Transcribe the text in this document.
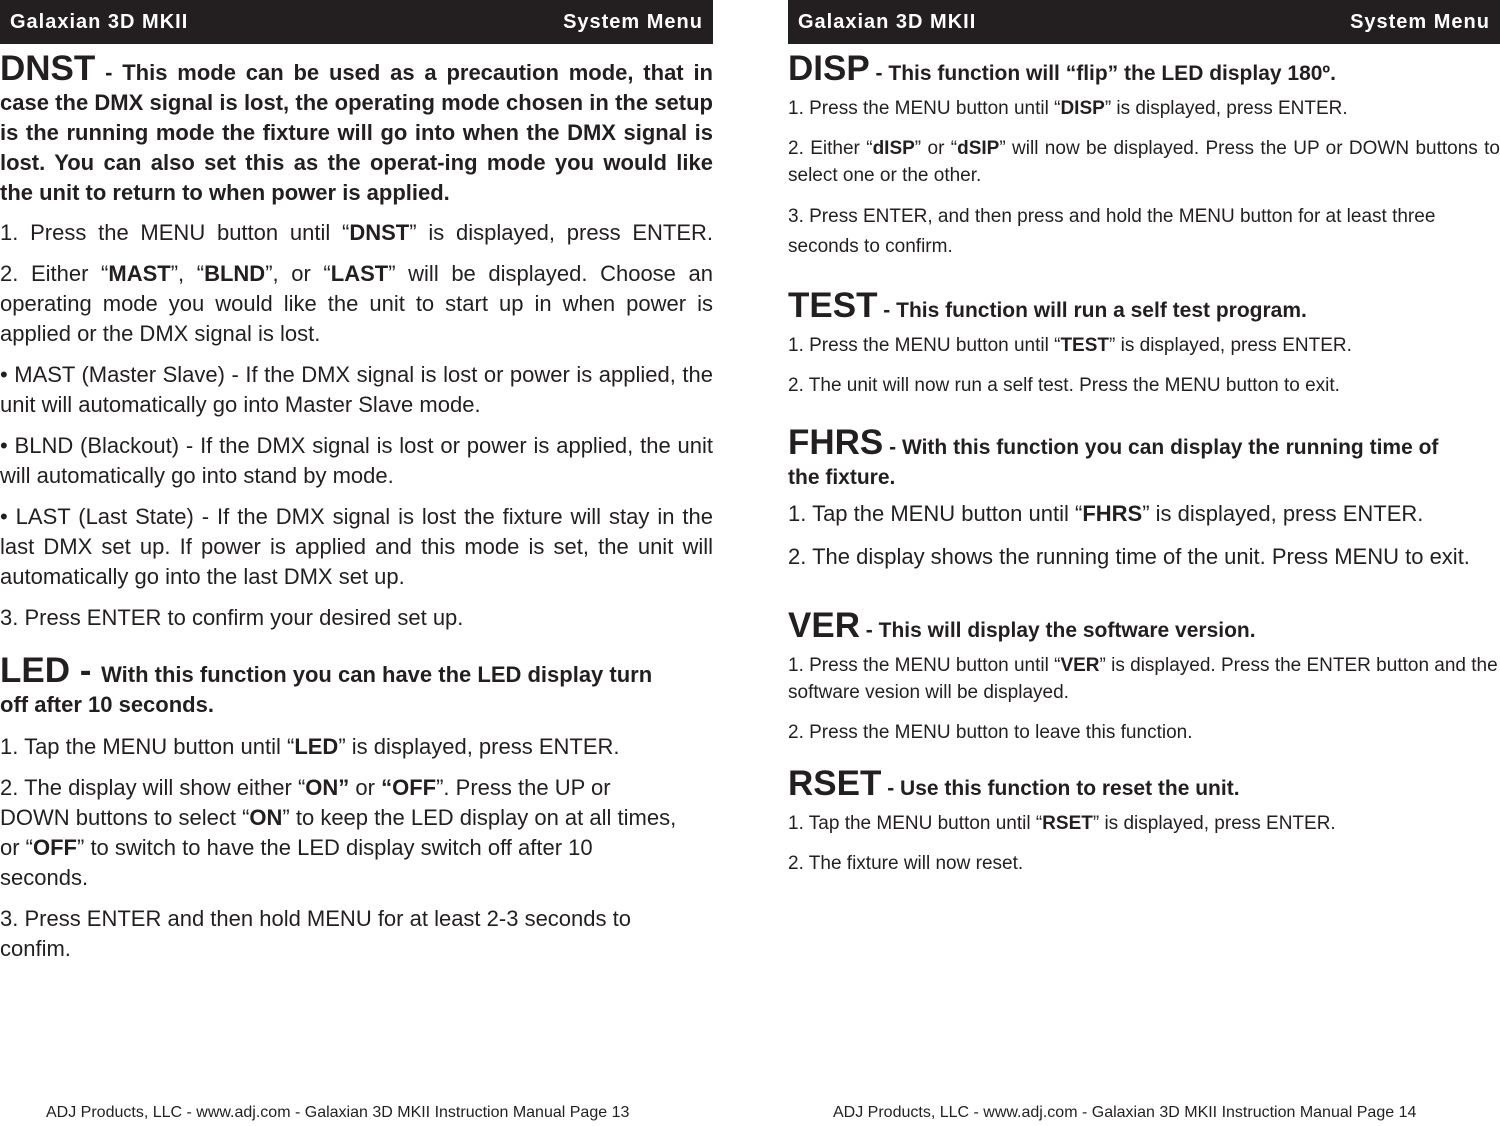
Galaxian 3D MKII	System Menu
DNST - This mode can be used as a precaution mode, that in case the DMX signal is lost, the operating mode chosen in the setup is the running mode the fixture will go into when the DMX signal is lost. You can also set this as the operat-ing mode you would like the unit to return to when power is applied.
1. Press the MENU button until “DNST” is displayed, press ENTER.
2. Either “MAST”, “BLND”, or “LAST” will be displayed. Choose an operating mode you would like the unit to start up in when power is applied or the DMX signal is lost.
• MAST (Master Slave) - If the DMX signal is lost or power is applied, the unit will automatically go into Master Slave mode.
• BLND (Blackout) - If the DMX signal is lost or power is applied, the unit will automatically go into stand by mode.
• LAST (Last State) - If the DMX signal is lost the fixture will stay in the last DMX set up. If power is applied and this mode is set, the unit will automatically go into the last DMX set up.
3. Press ENTER to confirm your desired set up.
LED - With this function you can have the LED display turn off after 10 seconds.
1. Tap the MENU button until “LED” is displayed, press ENTER.
2. The display will show either “ON” or “OFF”. Press the UP or DOWN buttons to select “ON” to keep the LED display on at all times, or “OFF” to switch to have the LED display switch off after 10 seconds.
3. Press ENTER and then hold MENU for at least 2-3 seconds to confim.
ADJ Products, LLC - www.adj.com - Galaxian 3D MKII Instruction Manual Page 13
Galaxian 3D MKII	System Menu
DISP - This function will “flip” the LED display 180º.
1. Press the MENU button until “DISP” is displayed, press ENTER.
2. Either “dISP” or “dSIP” will now be displayed. Press the UP or DOWN buttons to select one or the other.
3. Press ENTER, and then press and hold the MENU button for at least three seconds to confirm.
TEST - This function will run a self test program.
1. Press the MENU button until “TEST” is displayed, press ENTER.
2. The unit will now run a self test. Press the MENU button to exit.
FHRS - With this function you can display the running time of the fixture.
1. Tap the MENU button until “FHRS” is displayed, press ENTER.
2. The display shows the running time of the unit. Press MENU to exit.
VER - This will display the software version.
1. Press the MENU button until “VER” is displayed. Press the ENTER button and the software vesion will be displayed.
2. Press the MENU button to leave this function.
RSET - Use this function to reset the unit.
1. Tap the MENU button until “RSET” is displayed, press ENTER.
2. The fixture will now reset.
ADJ Products, LLC - www.adj.com - Galaxian 3D MKII Instruction Manual Page 14
